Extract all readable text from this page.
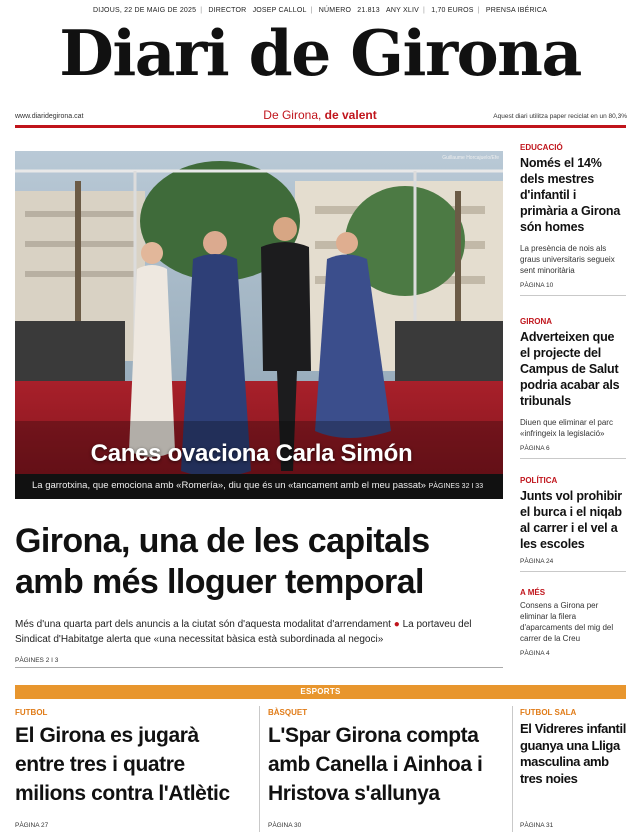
DIJOUS, 22 DE MAIG DE 2025 | DIRECTOR JOSEP CALLOL | NÚMERO 21.813 ANY XLIV | 1,70 EUROS | PRENSA IBÉRICA
Diari de Girona
www.diaridegirona.cat	De Girona, de valent	Aquest diari utilitza paper reciclat en un 80,3%
Guillaume Horcajuelo/Efe
Canes ovaciona Carla Simón
La garrotxina, que emociona amb «Romería», diu que és un «tancament amb el meu passat» PÀGINES 32 I 33
Girona, una de les capitals
amb més lloguer temporal
Més d'una quarta part dels anuncis a la ciutat són d'aquesta modalitat d'arrendament ● La portaveu del Sindicat d'Habitatge alerta que «una necessitat bàsica està subordinada al negoci»
PÀGINES 2 I 3
EDUCACIÓ
Només el 14% dels mestres d'infantil i primària a Girona són homes
La presència de nois als graus universitaris segueix sent minoritària
PÀGINA 10
GIRONA
Adverteixen que el projecte del Campus de Salut podria acabar als tribunals
Diuen que eliminar el parc «infringeix la legislació»
PÀGINA 6
POLÍTICA
Junts vol prohibir el burca i el niqab al carrer i el vel a les escoles
PÀGINA 24
A MÉS
Consens a Girona per eliminar la filera d'aparcaments del mig del carrer de la Creu
PÀGINA 4
ESPORTS
FUTBOL
El Girona es jugarà entre tres i quatre milions contra l'Atlètic
PÀGINA 27
BÀSQUET
L'Spar Girona compta amb Canella i Ainhoa i Hristova s'allunya
PÀGINA 30
FUTBOL SALA
El Vidreres infantil guanya una Lliga masculina amb tres noies
PÀGINA 31
